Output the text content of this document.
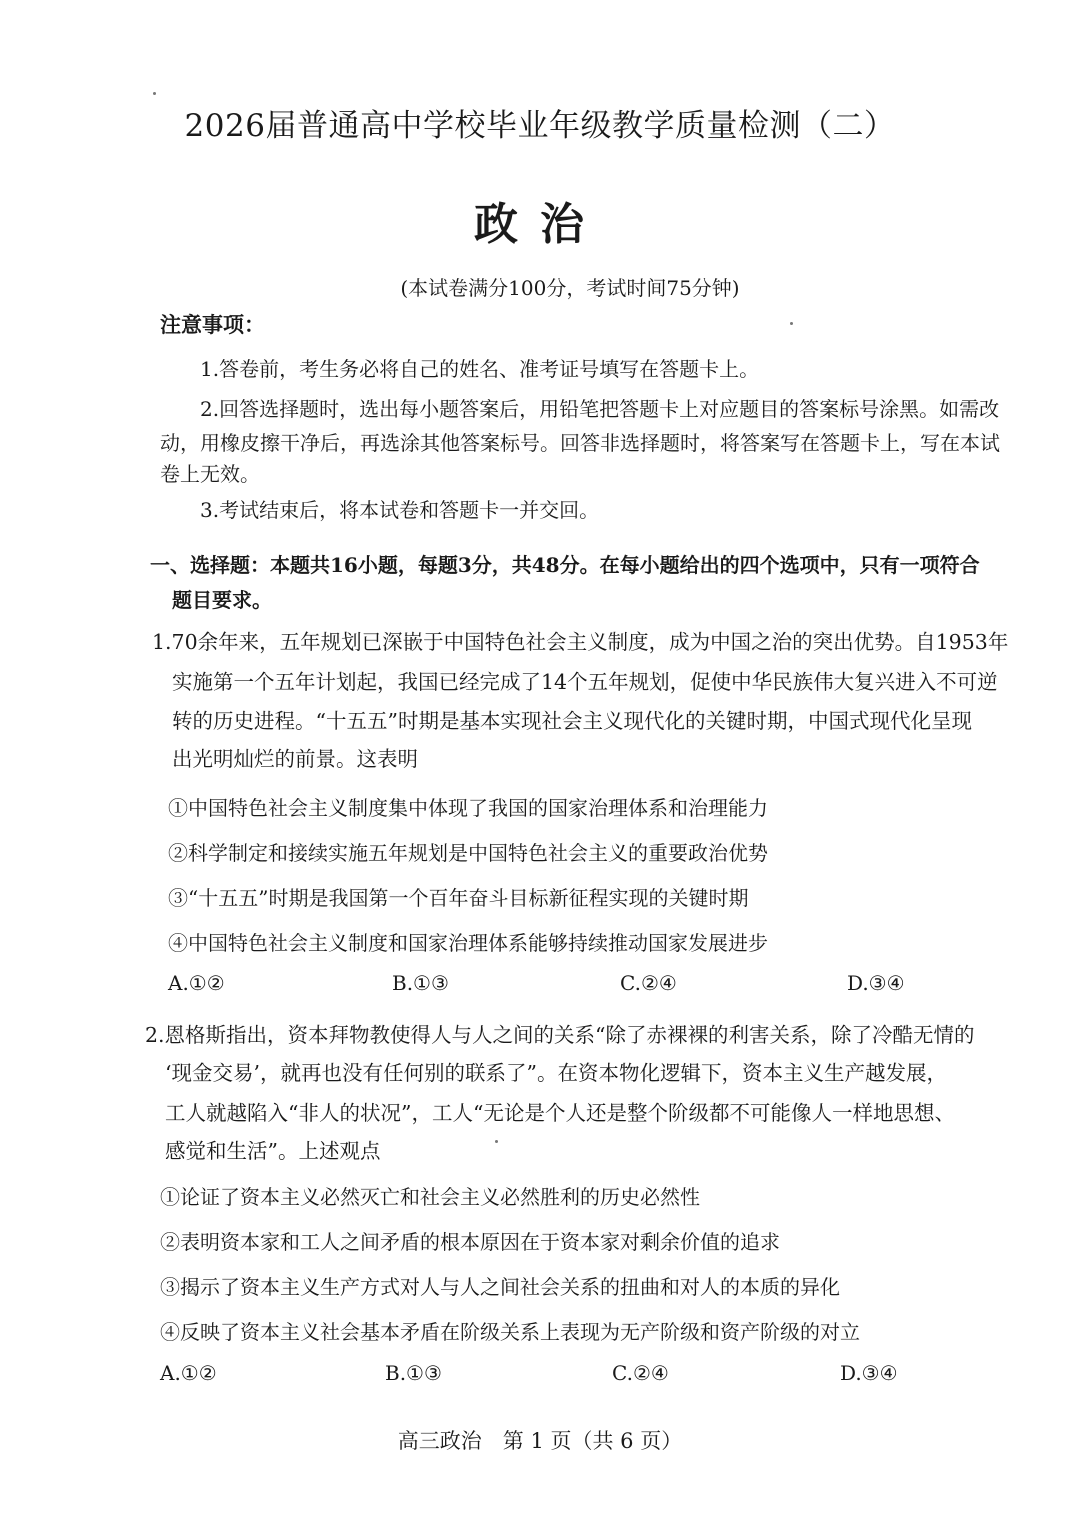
2026届普通高中学校毕业年级教学质量检测（二）
政治
(本试卷满分100分，考试时间75分钟)
注意事项：
1.答卷前，考生务必将自己的姓名、准考证号填写在答题卡上。
2.回答选择题时，选出每小题答案后，用铅笔把答题卡上对应题目的答案标号涂黑。如需改
动，用橡皮擦干净后，再选涂其他答案标号。回答非选择题时，将答案写在答题卡上，写在本试
卷上无效。
3.考试结束后，将本试卷和答题卡一并交回。
一、选择题：本题共16小题，每题3分，共48分。在每小题给出的四个选项中，只有一项符合
题目要求。
1.70余年来，五年规划已深嵌于中国特色社会主义制度，成为中国之治的突出优势。自1953年
实施第一个五年计划起，我国已经完成了14个五年规划，促使中华民族伟大复兴进入不可逆
转的历史进程。“十五五”时期是基本实现社会主义现代化的关键时期，中国式现代化呈现
出光明灿烂的前景。这表明
①中国特色社会主义制度集中体现了我国的国家治理体系和治理能力
②科学制定和接续实施五年规划是中国特色社会主义的重要政治优势
③“十五五”时期是我国第一个百年奋斗目标新征程实现的关键时期
④中国特色社会主义制度和国家治理体系能够持续推动国家发展进步
A.①②	B.①③	C.②④	D.③④
2.恩格斯指出，资本拜物教使得人与人之间的关系“除了赤裸裸的利害关系，除了冷酷无情的
‘现金交易’，就再也没有任何别的联系了”。在资本物化逻辑下，资本主义生产越发展，
工人就越陷入“非人的状况”，工人“无论是个人还是整个阶级都不可能像人一样地思想、
感觉和生活”。上述观点
①论证了资本主义必然灭亡和社会主义必然胜利的历史必然性
②表明资本家和工人之间矛盾的根本原因在于资本家对剩余价值的追求
③揭示了资本主义生产方式对人与人之间社会关系的扭曲和对人的本质的异化
④反映了资本主义社会基本矛盾在阶级关系上表现为无产阶级和资产阶级的对立
A.①②	B.①③	C.②④	D.③④
高三政治　第 1 页（共 6 页）
